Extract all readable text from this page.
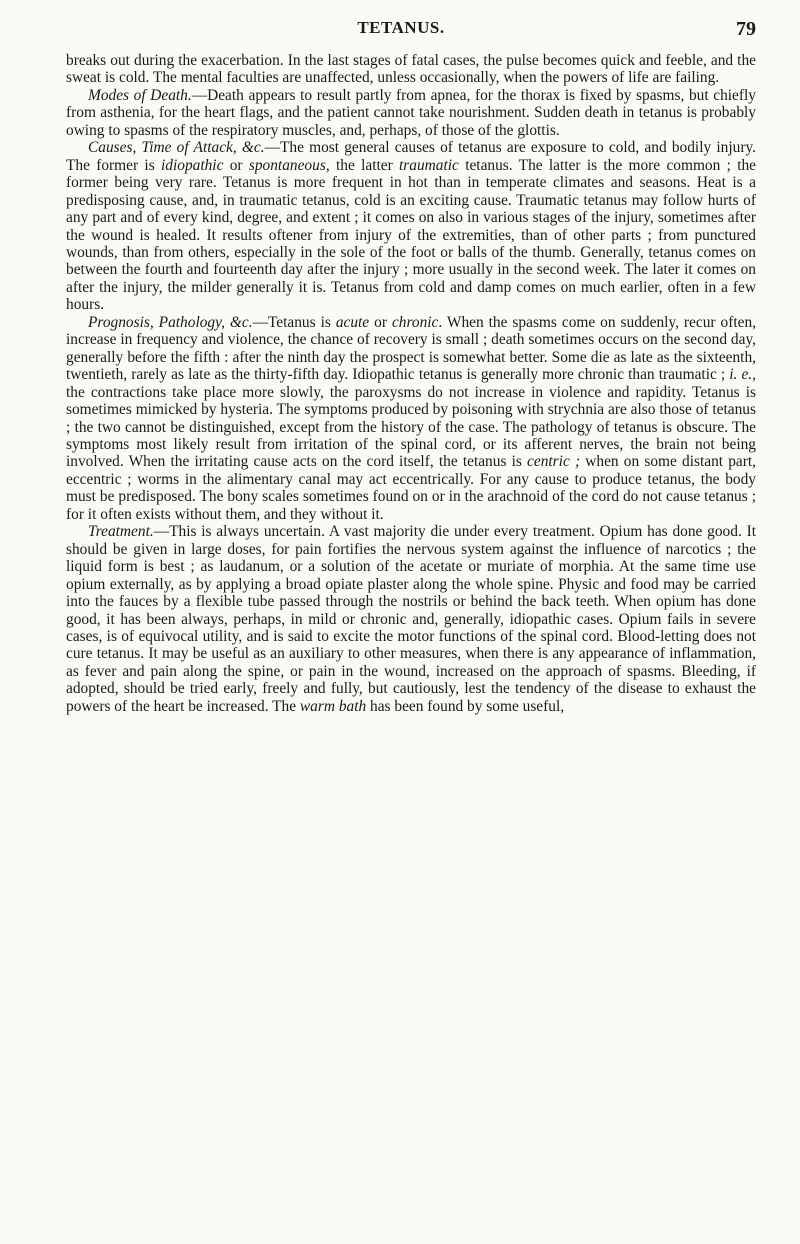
TETANUS.	79

breaks out during the exacerbation. In the last stages of fatal cases, the pulse becomes quick and feeble, and the sweat is cold. The mental faculties are unaffected, unless occasionally, when the powers of life are failing.

Modes of Death.—Death appears to result partly from apnea, for the thorax is fixed by spasms, but chiefly from asthenia, for the heart flags, and the patient cannot take nourishment. Sudden death in tetanus is probably owing to spasms of the respiratory muscles, and, perhaps, of those of the glottis.

Causes, Time of Attack, &c.—The most general causes of tetanus are exposure to cold, and bodily injury. The former is idiopathic or spontaneous, the latter traumatic tetanus. The latter is the more common ; the former being very rare. Tetanus is more frequent in hot than in temperate climates and seasons. Heat is a predisposing cause, and, in traumatic tetanus, cold is an exciting cause. Traumatic tetanus may follow hurts of any part and of every kind, degree, and extent ; it comes on also in various stages of the injury, sometimes after the wound is healed. It results oftener from injury of the extremities, than of other parts ; from punctured wounds, than from others, especially in the sole of the foot or balls of the thumb. Generally, tetanus comes on between the fourth and fourteenth day after the injury ; more usually in the second week. The later it comes on after the injury, the milder generally it is. Tetanus from cold and damp comes on much earlier, often in a few hours.

Prognosis, Pathology, &c.—Tetanus is acute or chronic. When the spasms come on suddenly, recur often, increase in frequency and violence, the chance of recovery is small ; death sometimes occurs on the second day, generally before the fifth : after the ninth day the prospect is somewhat better. Some die as late as the sixteenth, twentieth, rarely as late as the thirty-fifth day. Idiopathic tetanus is generally more chronic than traumatic ; i. e., the contractions take place more slowly, the paroxysms do not increase in violence and rapidity. Tetanus is sometimes mimicked by hysteria. The symptoms produced by poisoning with strychnia are also those of tetanus ; the two cannot be distinguished, except from the history of the case. The pathology of tetanus is obscure. The symptoms most likely result from irritation of the spinal cord, or its afferent nerves, the brain not being involved. When the irritating cause acts on the cord itself, the tetanus is centric ; when on some distant part, eccentric ; worms in the alimentary canal may act eccentrically. For any cause to produce tetanus, the body must be predisposed. The bony scales sometimes found on or in the arachnoid of the cord do not cause tetanus ; for it often exists without them, and they without it.

Treatment.—This is always uncertain. A vast majority die under every treatment. Opium has done good. It should be given in large doses, for pain fortifies the nervous system against the influence of narcotics ; the liquid form is best ; as laudanum, or a solution of the acetate or muriate of morphia. At the same time use opium externally, as by applying a broad opiate plaster along the whole spine. Physic and food may be carried into the fauces by a flexible tube passed through the nostrils or behind the back teeth. When opium has done good, it has been always, perhaps, in mild or chronic and, generally, idiopathic cases. Opium fails in severe cases, is of equivocal utility, and is said to excite the motor functions of the spinal cord. Blood-letting does not cure tetanus. It may be useful as an auxiliary to other measures, when there is any appearance of inflammation, as fever and pain along the spine, or pain in the wound, increased on the approach of spasms. Bleeding, if adopted, should be tried early, freely and fully, but cautiously, lest the tendency of the disease to exhaust the powers of the heart be increased. The warm bath has been found by some useful,
